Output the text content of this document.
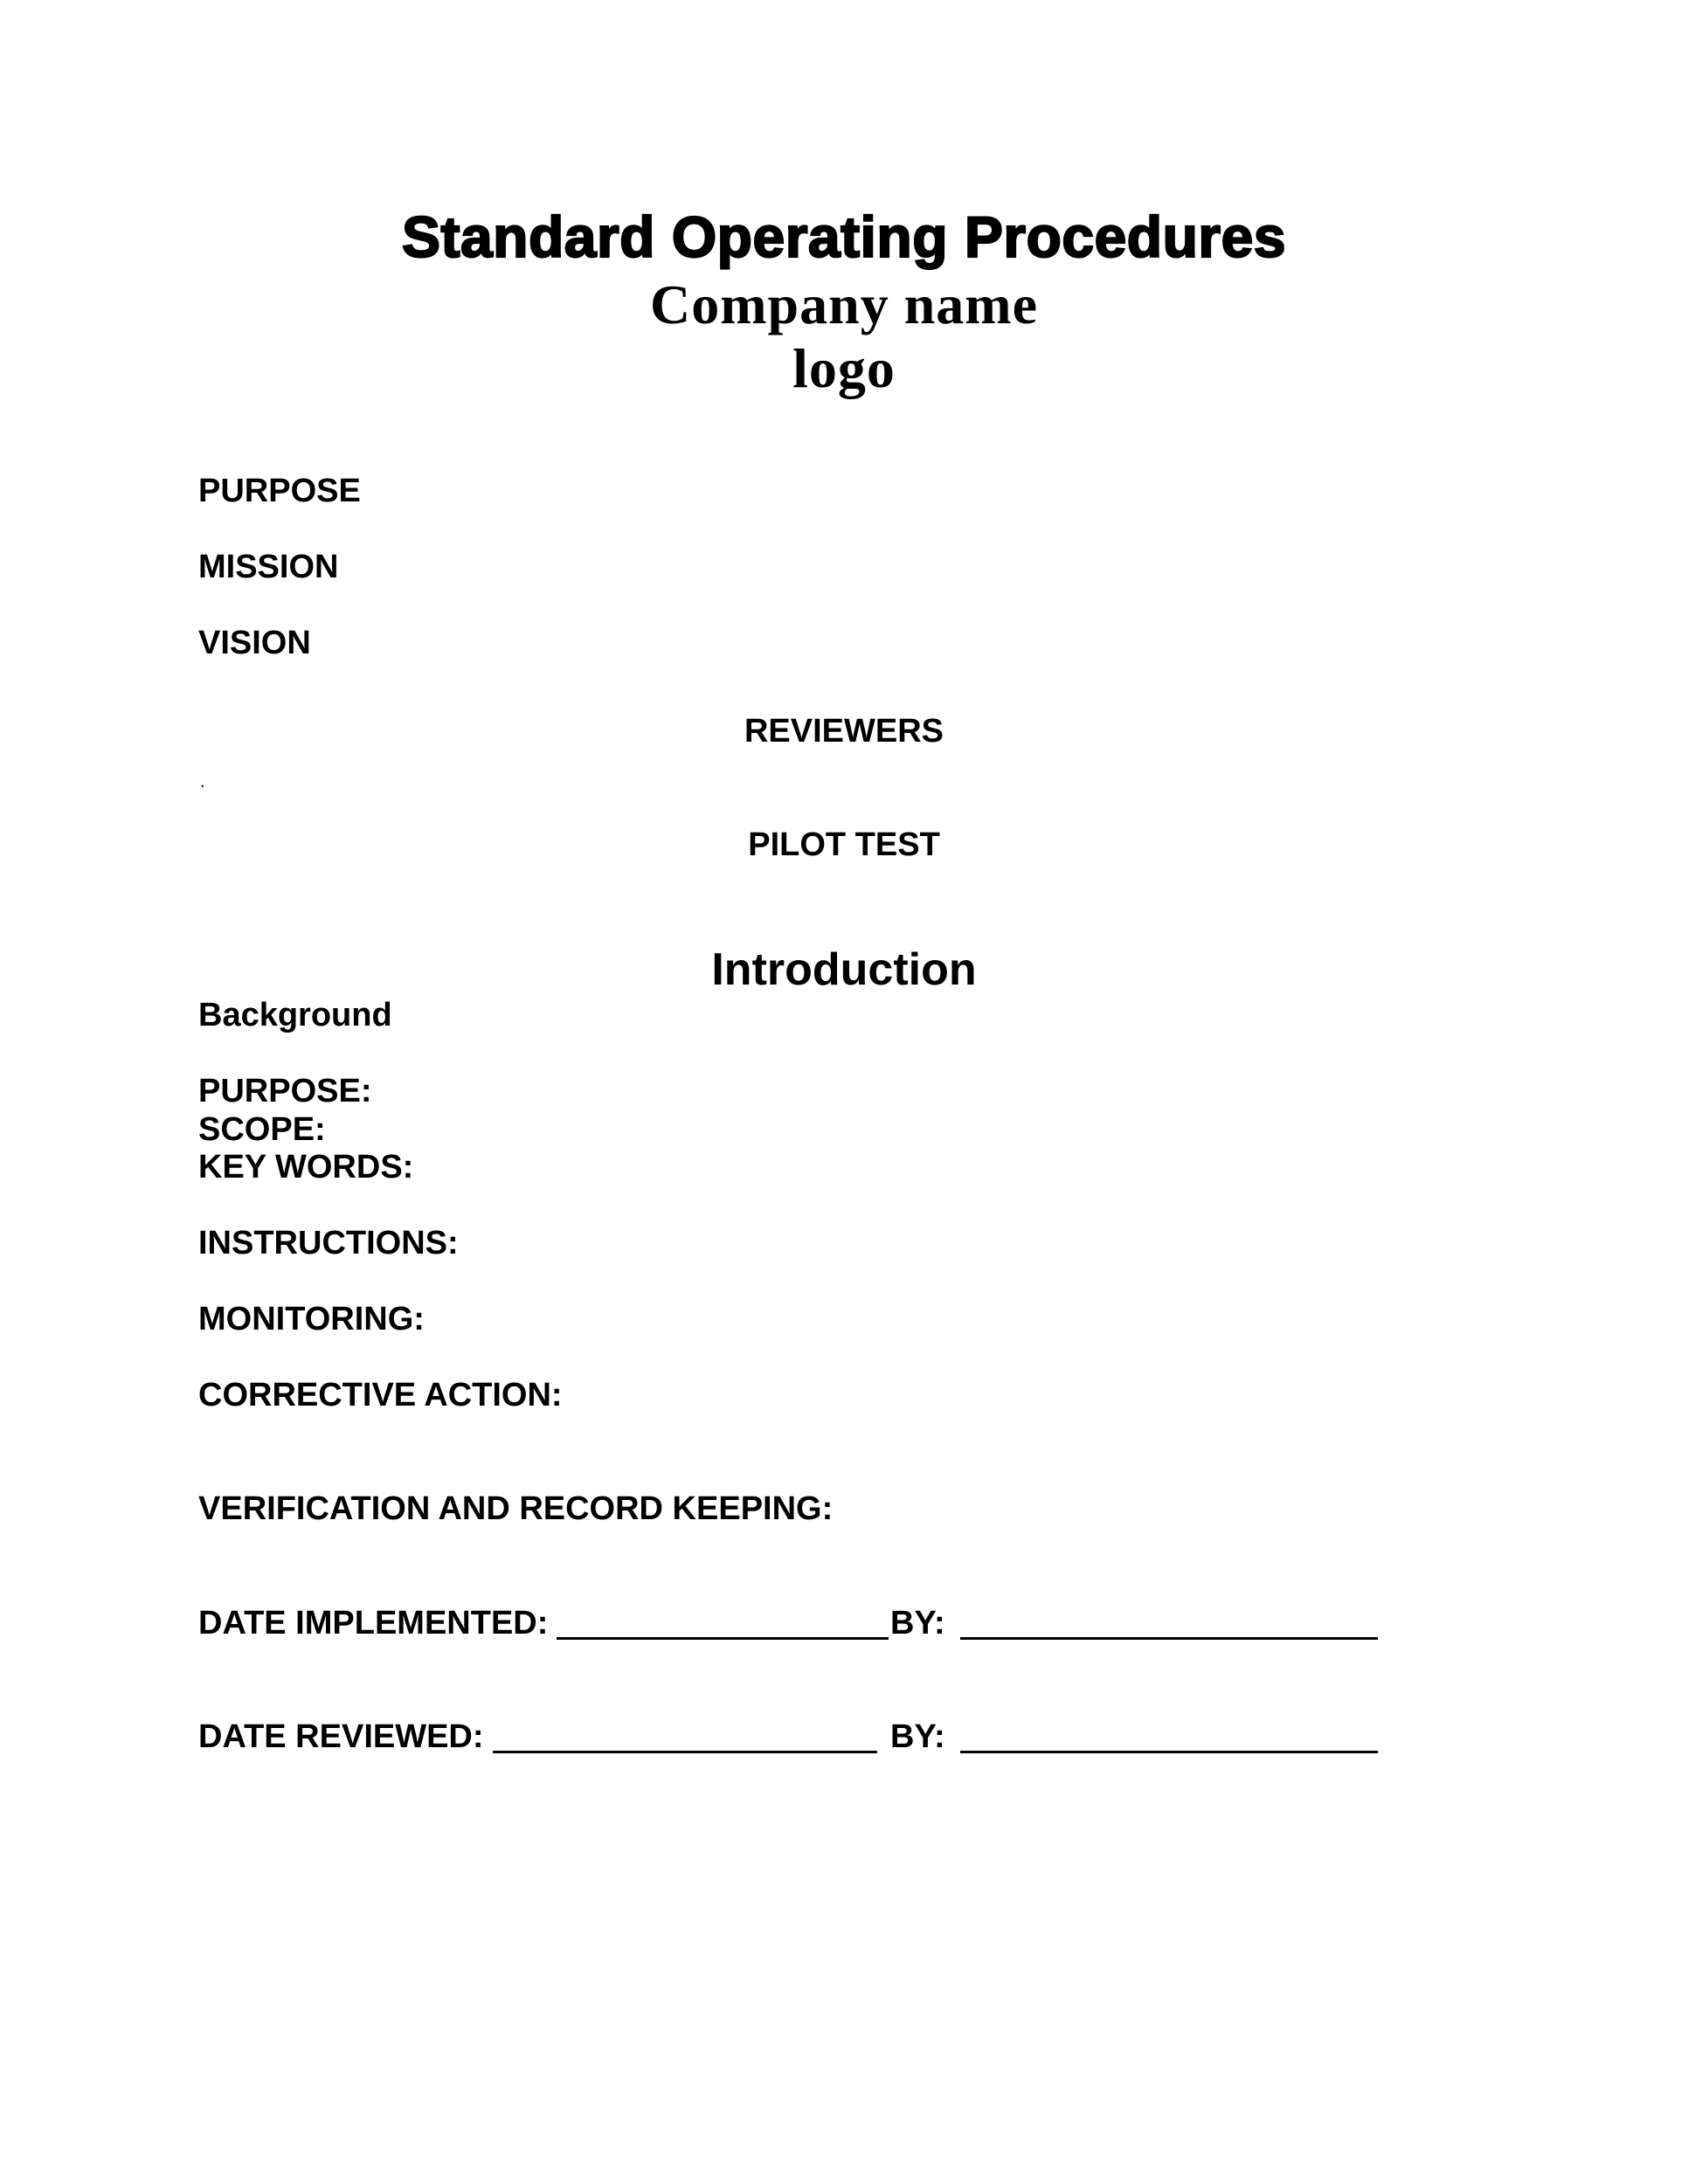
Standard Operating Procedures
Company name
logo
PURPOSE
MISSION
VISION
REVIEWERS
.
PILOT TEST
Introduction
Background
PURPOSE:
SCOPE:
KEY WORDS:
INSTRUCTIONS:
MONITORING:
CORRECTIVE ACTION:
VERIFICATION AND RECORD KEEPING:
DATE IMPLEMENTED:	BY:
DATE REVIEWED:	BY:
